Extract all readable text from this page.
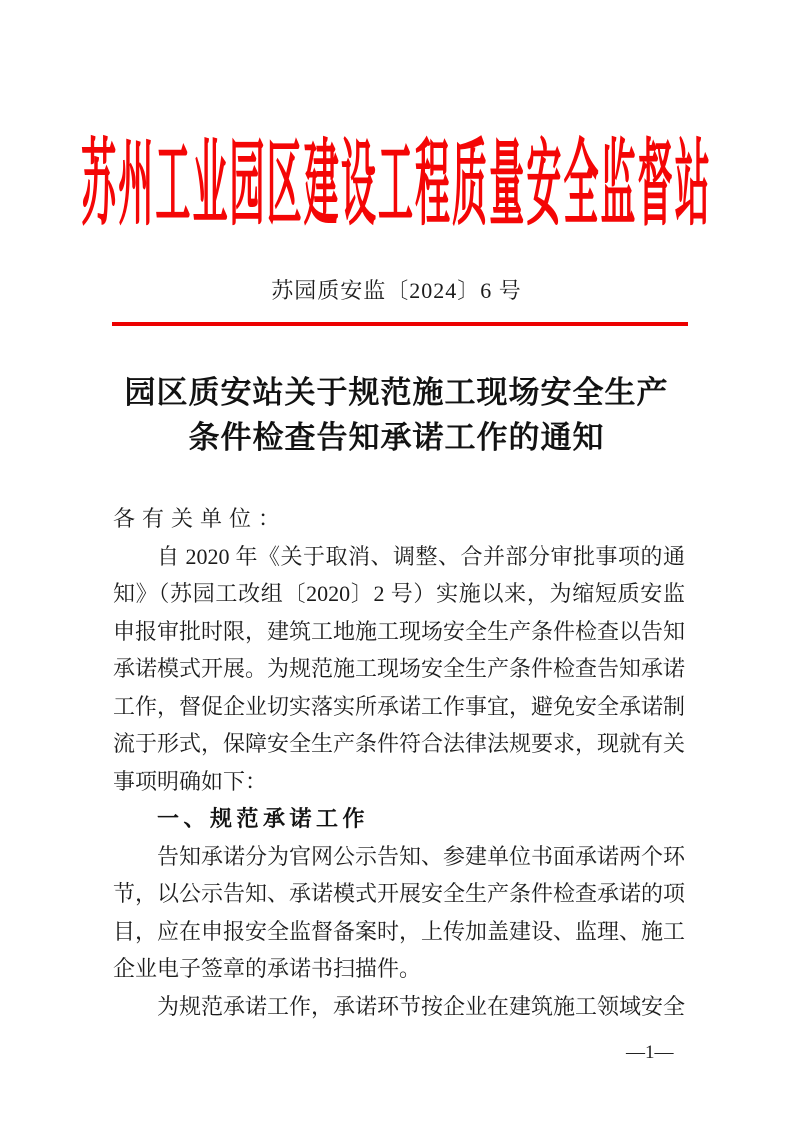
苏州工业园区建设工程质量安全监督站
苏园质安监〔2024〕6 号
园区质安站关于规范施工现场安全生产
条件检查告知承诺工作的通知

各有关单位：

自 2020 年《关于取消、调整、合并部分审批事项的通知》（苏园工改组〔2020〕2 号）实施以来，为缩短质安监申报审批时限，建筑工地施工现场安全生产条件检查以告知承诺模式开展。为规范施工现场安全生产条件检查告知承诺工作，督促企业切实落实所承诺工作事宜，避免安全承诺制流于形式，保障安全生产条件符合法律法规要求，现就有关事项明确如下：

一、规范承诺工作

告知承诺分为官网公示告知、参建单位书面承诺两个环节，以公示告知、承诺模式开展安全生产条件检查承诺的项目，应在申报安全监督备案时，上传加盖建设、监理、施工企业电子签章的承诺书扫描件。

为规范承诺工作，承诺环节按企业在建筑施工领域安全

—1—
